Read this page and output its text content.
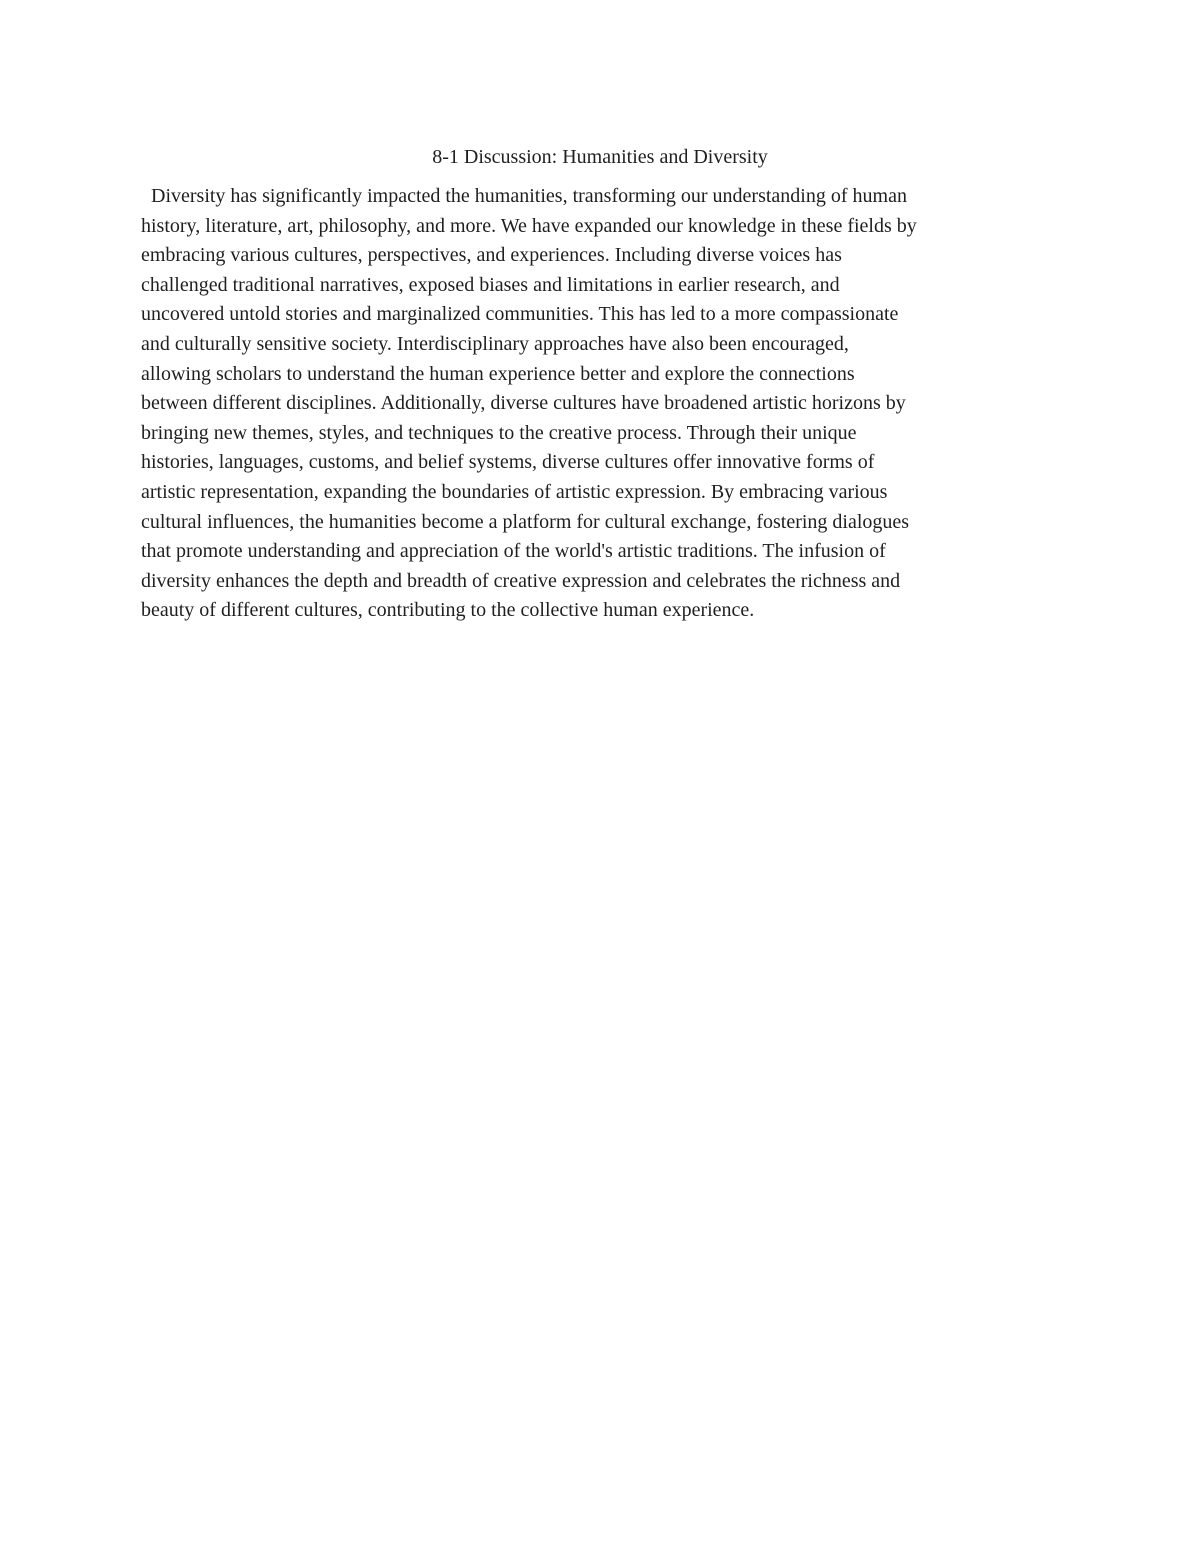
8-1 Discussion: Humanities and Diversity
Diversity has significantly impacted the humanities, transforming our understanding of human
history, literature, art, philosophy, and more. We have expanded our knowledge in these fields by
embracing various cultures, perspectives, and experiences. Including diverse voices has
challenged traditional narratives, exposed biases and limitations in earlier research, and
uncovered untold stories and marginalized communities. This has led to a more compassionate
and culturally sensitive society. Interdisciplinary approaches have also been encouraged,
allowing scholars to understand the human experience better and explore the connections
between different disciplines. Additionally, diverse cultures have broadened artistic horizons by
bringing new themes, styles, and techniques to the creative process. Through their unique
histories, languages, customs, and belief systems, diverse cultures offer innovative forms of
artistic representation, expanding the boundaries of artistic expression. By embracing various
cultural influences, the humanities become a platform for cultural exchange, fostering dialogues
that promote understanding and appreciation of the world's artistic traditions. The infusion of
diversity enhances the depth and breadth of creative expression and celebrates the richness and
beauty of different cultures, contributing to the collective human experience.
